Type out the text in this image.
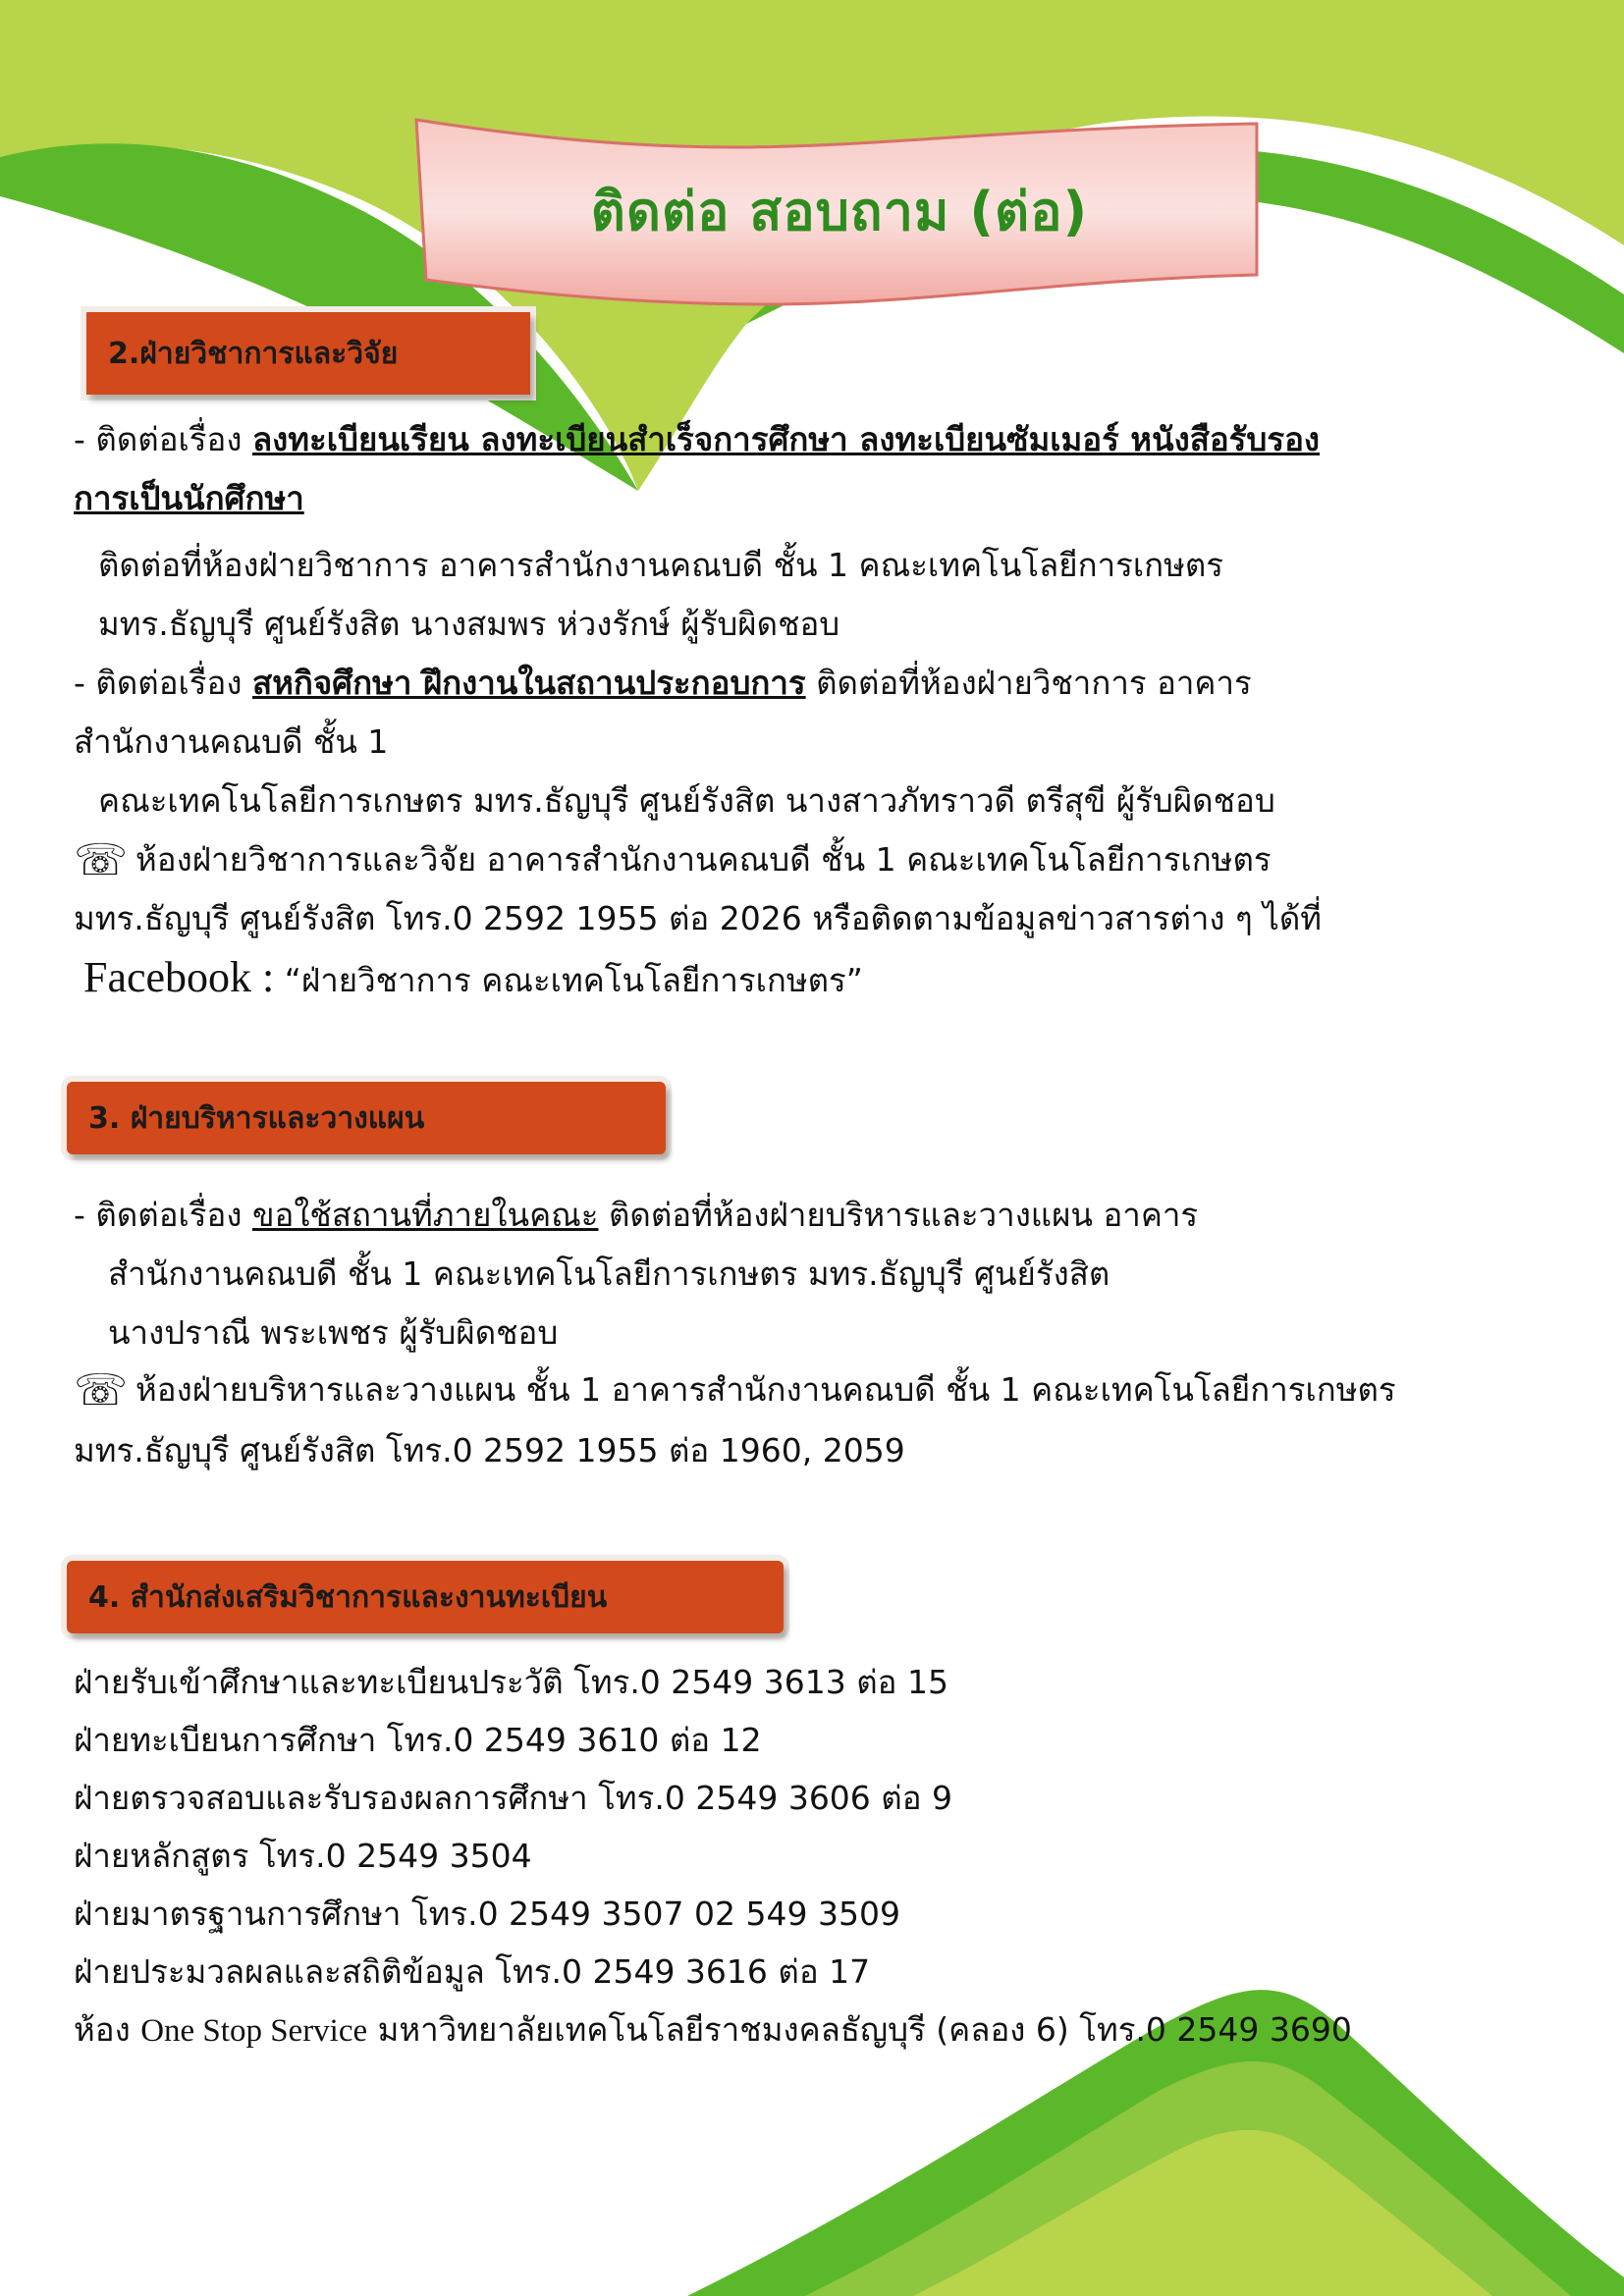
ติดต่อ สอบถาม (ต่อ)
2.ฝ่ายวิชาการและวิจัย
- ติดต่อเรื่อง ลงทะเบียนเรียน ลงทะเบียนสำเร็จการศึกษา ลงทะเบียนซัมเมอร์ หนังสือรับรอง
การเป็นนักศึกษา
ติดต่อที่ห้องฝ่ายวิชาการ อาคารสำนักงานคณบดี ชั้น 1 คณะเทคโนโลยีการเกษตร
มทร.ธัญบุรี ศูนย์รังสิต นางสมพร ห่วงรักษ์ ผู้รับผิดชอบ
- ติดต่อเรื่อง สหกิจศึกษา ฝึกงานในสถานประกอบการ ติดต่อที่ห้องฝ่ายวิชาการ อาคาร
สำนักงานคณบดี ชั้น 1
คณะเทคโนโลยีการเกษตร มทร.ธัญบุรี ศูนย์รังสิต นางสาวภัทราวดี ตรีสุขี ผู้รับผิดชอบ
☏ ห้องฝ่ายวิชาการและวิจัย อาคารสำนักงานคณบดี ชั้น 1 คณะเทคโนโลยีการเกษตร
มทร.ธัญบุรี ศูนย์รังสิต โทร.0 2592 1955 ต่อ 2026 หรือติดตามข้อมูลข่าวสารต่าง ๆ ได้ที่
Facebook : “ฝ่ายวิชาการ คณะเทคโนโลยีการเกษตร”
3. ฝ่ายบริหารและวางแผน
- ติดต่อเรื่อง ขอใช้สถานที่ภายในคณะ ติดต่อที่ห้องฝ่ายบริหารและวางแผน อาคาร
สำนักงานคณบดี ชั้น 1 คณะเทคโนโลยีการเกษตร มทร.ธัญบุรี ศูนย์รังสิต
นางปราณี พระเพชร ผู้รับผิดชอบ
☏ ห้องฝ่ายบริหารและวางแผน ชั้น 1 อาคารสำนักงานคณบดี ชั้น 1 คณะเทคโนโลยีการเกษตร
มทร.ธัญบุรี ศูนย์รังสิต โทร.0 2592 1955 ต่อ 1960, 2059
4. สำนักส่งเสริมวิชาการและงานทะเบียน
ฝ่ายรับเข้าศึกษาและทะเบียนประวัติ โทร.0 2549 3613 ต่อ 15
ฝ่ายทะเบียนการศึกษา โทร.0 2549 3610 ต่อ 12
ฝ่ายตรวจสอบและรับรองผลการศึกษา โทร.0 2549 3606 ต่อ 9
ฝ่ายหลักสูตร โทร.0 2549 3504
ฝ่ายมาตรฐานการศึกษา โทร.0 2549 3507 02 549 3509
ฝ่ายประมวลผลและสถิติข้อมูล โทร.0 2549 3616 ต่อ 17
ห้อง One Stop Service มหาวิทยาลัยเทคโนโลยีราชมงคลธัญบุรี (คลอง 6) โทร.0 2549 3690
